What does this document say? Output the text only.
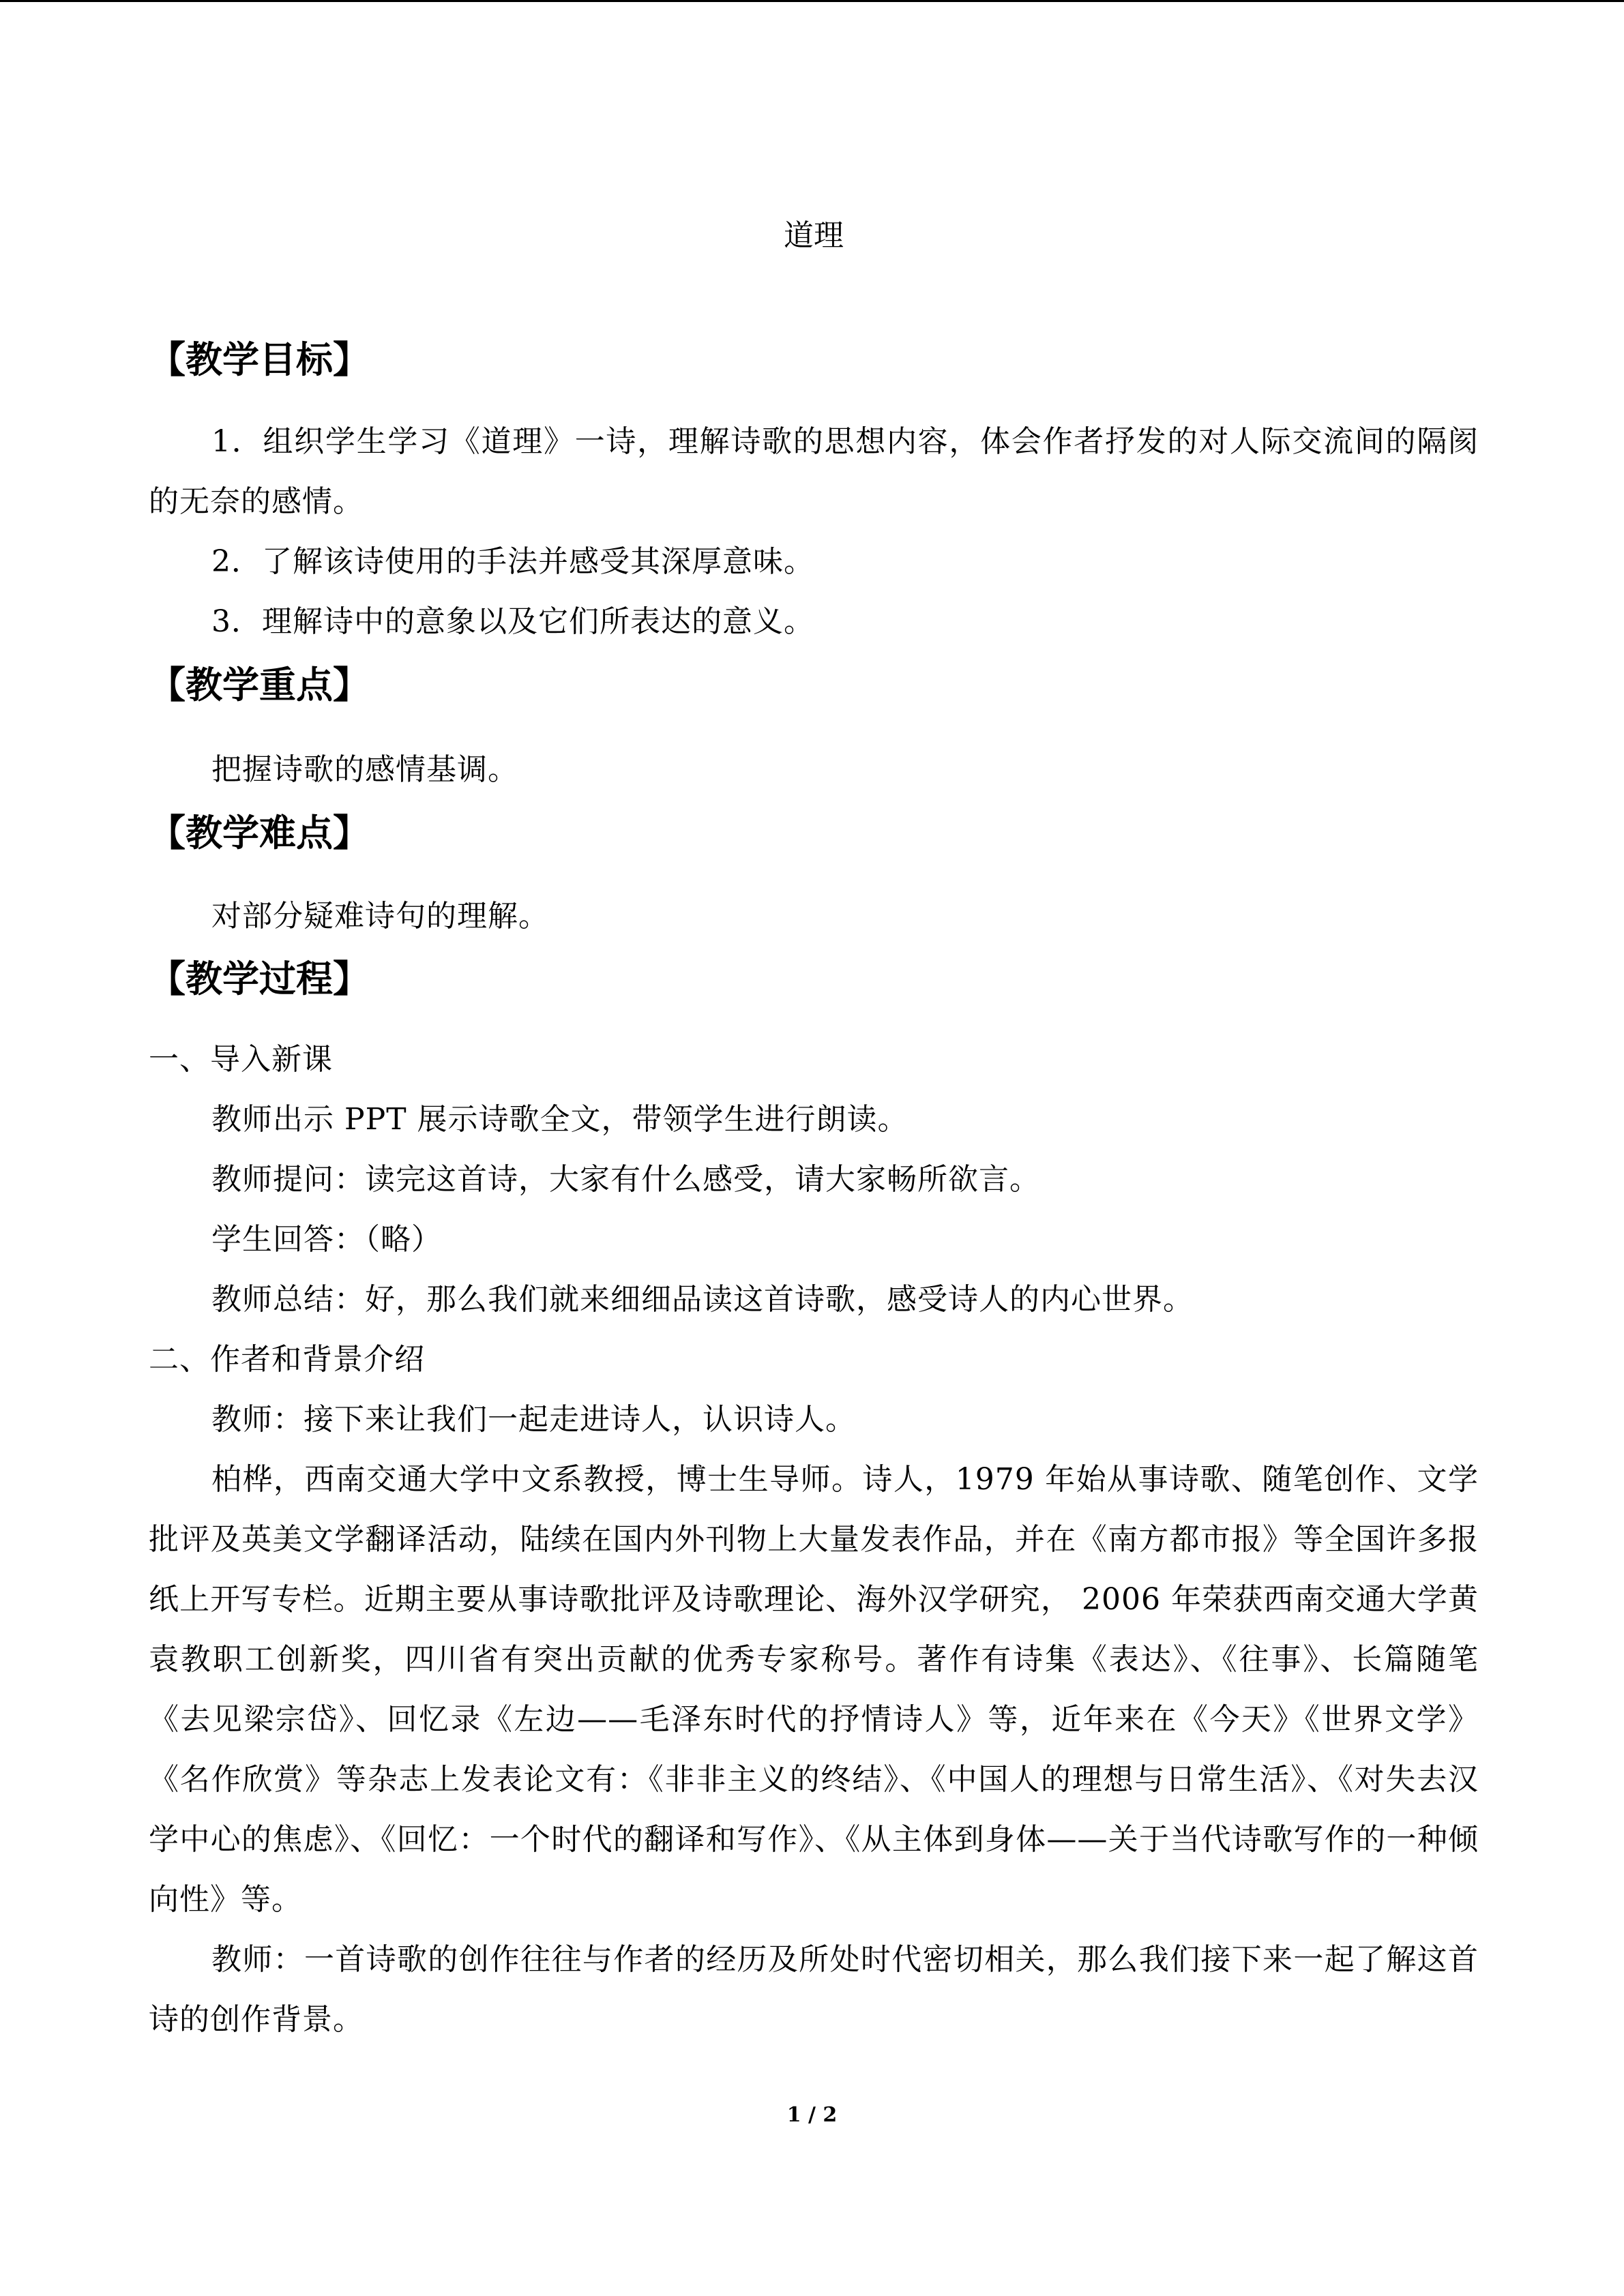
道理
【教学目标】
1．组织学生学习《道理》一诗，理解诗歌的思想内容，体会作者抒发的对人际交流间的隔阂的无奈的感情。
2．了解该诗使用的手法并感受其深厚意味。
3．理解诗中的意象以及它们所表达的意义。
【教学重点】
把握诗歌的感情基调。
【教学难点】
对部分疑难诗句的理解。
【教学过程】
一、导入新课
教师出示 PPT 展示诗歌全文，带领学生进行朗读。
教师提问：读完这首诗，大家有什么感受，请大家畅所欲言。
学生回答：（略）
教师总结：好，那么我们就来细细品读这首诗歌，感受诗人的内心世界。
二、作者和背景介绍
教师：接下来让我们一起走进诗人，认识诗人。
柏桦，西南交通大学中文系教授，博士生导师。诗人，1979 年始从事诗歌、随笔创作、文学批评及英美文学翻译活动，陆续在国内外刊物上大量发表作品，并在《南方都市报》等全国许多报纸上开写专栏。近期主要从事诗歌批评及诗歌理论、海外汉学研究， 2006 年荣获西南交通大学黄袁教职工创新奖，四川省有突出贡献的优秀专家称号。著作有诗集《表达》、《往事》、长篇随笔《去见梁宗岱》、回忆录《左边——毛泽东时代的抒情诗人》等，近年来在《今天》《世界文学》《名作欣赏》等杂志上发表论文有：《非非主义的终结》、《中国人的理想与日常生活》、《对失去汉学中心的焦虑》、《回忆：一个时代的翻译和写作》、《从主体到身体——关于当代诗歌写作的一种倾向性》等。
教师：一首诗歌的创作往往与作者的经历及所处时代密切相关，那么我们接下来一起了解这首诗的创作背景。
1 / 2
